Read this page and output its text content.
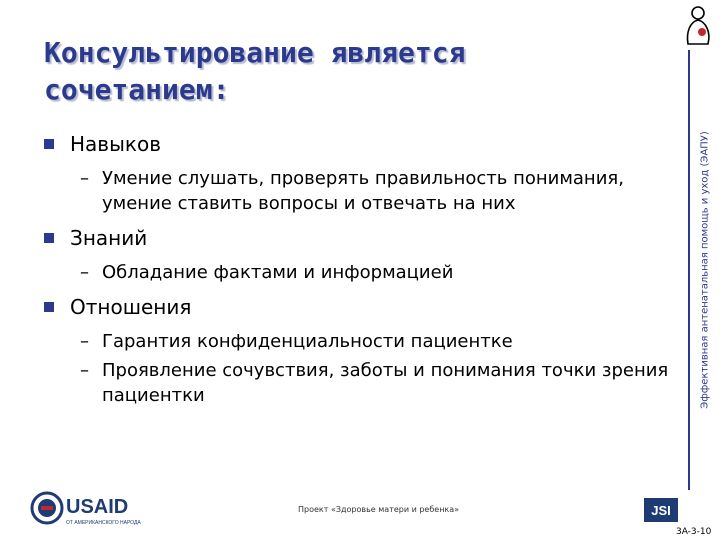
Консультирование является
сочетанием:
Эффективная антенатальная помощь и уход (ЭАПУ)
Навыков
– Умение слушать, проверять правильность понимания, умение ставить вопросы и отвечать на них
Знаний
– Обладание фактами и информацией
Отношения
– Гарантия конфиденциальности пациентке
– Проявление сочувствия, заботы и понимания точки зрения пациентки
USAID
ОТ АМЕРИКАНСКОГО НАРОДА
Проект «Здоровье матери и ребенка»	JSI
3A-3-10
